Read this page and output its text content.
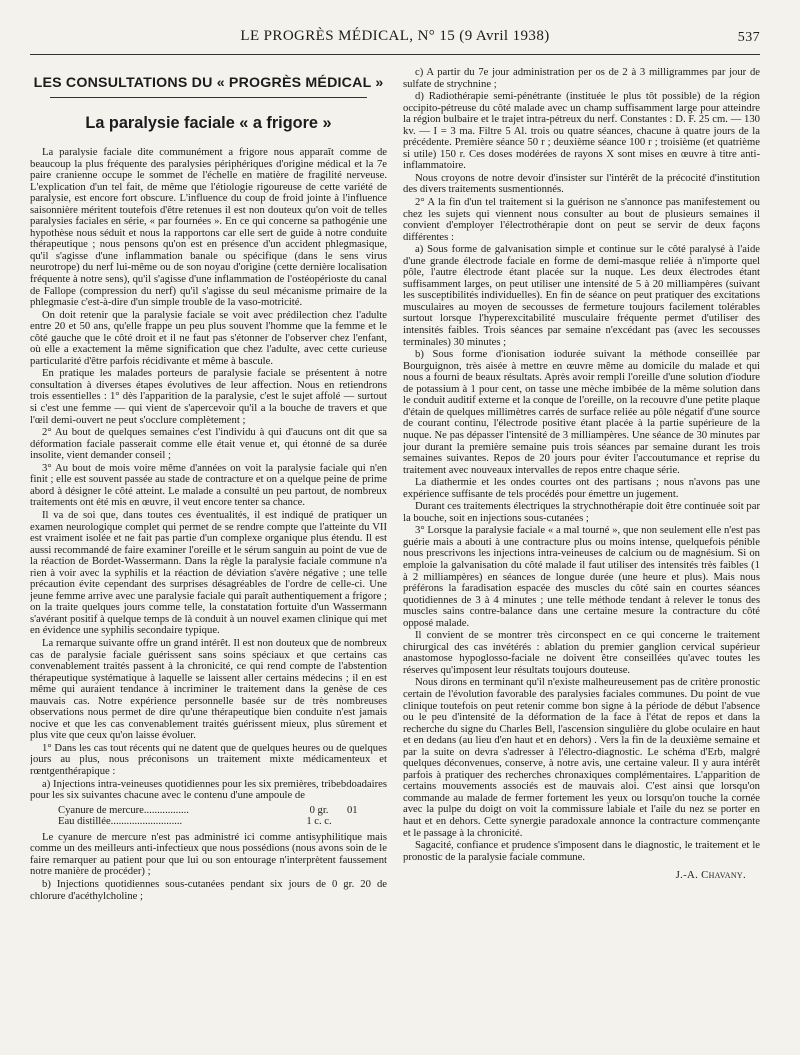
LE PROGRÈS MÉDICAL, N° 15 (9 Avril 1938)	537
LES CONSULTATIONS DU « PROGRÈS MÉDICAL »
La paralysie faciale « a frigore »

La paralysie faciale dite communément a frigore nous apparaît comme de beaucoup la plus fréquente des paralysies périphériques d'origine médical et la 7e paire cranienne occupe le sommet de l'échelle en matière de fragilité nerveuse. L'explication d'un tel fait, de même que l'étiologie rigoureuse de cette variété de paralysie, est encore fort obscure. L'influence du coup de froid jointe à l'influence saisonnière méritent toutefois d'être retenues il est non douteux qu'on voit de telles paralysies faciales en série, « par fournées ». En ce qui concerne sa pathogénie une hypothèse nous séduit et nous la rapportons car elle sert de guide à notre conduite thérapeutique ; nous pensons qu'on est en présence d'un accident phlegmasique, qu'il s'agisse d'une inflammation banale ou spécifique (dans le sens virus neurotrope) du nerf lui-même ou de son noyau d'origine (cette dernière localisation fréquente à notre sens), qu'il s'agisse d'une inflammation de l'ostéopériostе du canal de Fallope (compression du nerf) qu'il s'agisse du seul mécanisme primaire de la phlegmasie c'est-à-dire d'un simple trouble de la vaso-motricité.

On doit retenir que la paralysie faciale se voit avec prédilection chez l'adulte entre 20 et 50 ans, qu'elle frappe un peu plus souvent l'homme que la femme et le côté gauche que le côté droit et il ne faut pas s'étonner de l'observer chez l'enfant, où elle a exactement la même signification que chez l'adulte, avec cette curieuse particularité d'être parfois récidivante et même à bascule.

En pratique les malades porteurs de paralysie faciale se présentent à notre consultation à diverses étapes évolutives de leur affection. Nous en retiendrons trois essentielles : 1° dès l'apparition de la paralysie, c'est le sujet affolé — surtout si c'est une femme — qui vient de s'apercevoir qu'il a la bouche de travers et que l'œil demi-ouvert ne peut s'occlure complètement ;

2° Au bout de quelques semaines c'est l'individu à qui d'aucuns ont dit que sa déformation faciale passerait comme elle était venue et, qui étonné de sa durée insolite, vient demander conseil ;

3° Au bout de mois voire même d'années on voit la paralysie faciale qui n'en finit ; elle est souvent passée au stade de contracture et on a quelque peine de prime abord à désigner le côté atteint. Le malade a consulté un peu partout, de nombreux traitements ont été mis en œuvre, il veut encore tenter sa chance.

Il va de soi que, dans toutes ces éventualités, il est indiqué de pratiquer un examen neurologique complet qui permet de se rendre compte que l'atteinte du VII est vraiment isolée et ne fait pas partie d'un complexe organique plus étendu. Il est aussi recommandé de faire examiner l'oreille et le sérum sanguin au point de vue de la réaction de Bordet-Wassermann. Dans la règle la paralysie faciale commune n'a rien à voir avec la syphilis et la réaction de déviation s'avère négative ; une telle précaution évite cependant des surprises désagréables de l'ordre de celle-ci. Une jeune femme arrive avec une paralysie faciale qui paraît authentiquement a frigore ; on la traite quelques jours comme telle, la constatation fortuite d'un Wassermann s'avérant positif à quelque temps de là conduit à un nouvel examen clinique qui met en évidence une syphilis secondaire typique.

La remarque suivante offre un grand intérêt. Il est non douteux que de nombreux cas de paralysie faciale guérissent sans soins spéciaux et que certains cas convenablement traités passent à la chronicité, ce qui rend compte de l'abstention thérapeutique systématique à laquelle se laissent aller certains médecins ; il en est même qui auraient tendance à incriminer le traitement dans la genèse de ces mauvais cas. Notre expérience personnelle basée sur de très nombreuses observations nous permet de dire qu'une thérapeutique bien conduite n'est jamais nocive et que les cas convenablement traités guérissent mieux, plus sûrement et plus vite que ceux qu'on laisse évoluer.

1° Dans les cas tout récents qui ne datent que de quelques heures ou de quelques jours au plus, nous préconisons un traitement mixte médicamenteux et rœntgenthérapique :

a) Injections intra-veineuses quotidiennes pour les six premières, tribebdoadaires pour les six suivantes chacune avec le contenu d'une ampoule de

Cyanure de mercure.................	0 gr.	01
Eau distillée...........................	1 c. c.

Le cyanure de mercure n'est pas administré ici comme antisyphilitique mais comme un des meilleurs anti-infectieux que nous possédions (nous avons soin de le faire remarquer au patient pour que lui ou son entourage n'interprètent faussement notre manière de procéder) ;

b) Injections quotidiennes sous-cutanées pendant six jours de 0 gr. 20 de chlorure d'acéthylcholine ;

c) A partir du 7e jour administration per os de 2 à 3 milligrammes par jour de sulfate de strychnine ;

d) Radiothérapie semi-pénétrante (instituée le plus tôt possible) de la région occipito-pétreuse du côté malade avec un champ suffisamment large pour atteindre la région bulbaire et le trajet intra-pétreux du nerf. Constantes : D. F. 25 cm. — 130 kv. — I = 3 ma. Filtre 5 Al. trois ou quatre séances, chacune à quatre jours de la précédente. Première séance 50 r ; deuxième séance 100 r ; troisième (et quatrième si utile) 150 r. Ces doses modérées de rayons X sont mises en œuvre à titre anti-inflammatoire.

Nous croyons de notre devoir d'insister sur l'intérêt de la précocité d'institution des divers traitements susmentionnés.

2° A la fin d'un tel traitement si la guérison ne s'annonce pas manifestement ou chez les sujets qui viennent nous consulter au bout de plusieurs semaines il convient d'employer l'électrothérapie dont on peut se servir de deux façons différentes :

a) Sous forme de galvanisation simple et continue sur le côté paralysé à l'aide d'une grande électrode faciale en forme de demi-masque reliée à n'importe quel pôle, l'autre électrode étant placée sur la nuque. Les deux électrodes étant suffisamment larges, on peut utiliser une intensité de 5 à 20 milliampères (suivant les susceptibilités individuelles). En fin de séance on peut pratiquer des excitations musculaires au moyen de secousses de fermeture toujours facilement tolérables surtout lorsque l'hyperexcitabilité musculaire fréquente permet d'utiliser des intensités faibles. Trois séances par semaine n'excédant pas (avec les secousses terminales) 30 minutes ;

b) Sous forme d'ionisation iodurée suivant la méthode conseillée par Bourguignon, très aisée à mettre en œuvre même au domicile du malade et qui nous a fourni de beaux résultats. Après avoir rempli l'oreille d'une solution d'iodure de potassium à 1 pour cent, on tasse une mèche imbibée de la même solution dans le conduit auditif externe et la conque de l'oreille, on la recouvre d'une petite plaque d'étain de quelques millimètres carrés de surface reliée au pôle négatif d'une source de courant continu, l'électrode positive étant placée à la partie supérieure de la nuque. Ne pas dépasser l'intensité de 3 milliampères. Une séance de 30 minutes par jour durant la première semaine puis trois séances par semaine durant les trois semaines suivantes. Repos de 20 jours pour éviter l'accoutumance et reprise du traitement avec nouveaux intervalles de repos entre chaque série.

La diathermie et les ondes courtes ont des partisans ; nous n'avons pas une expérience suffisante de tels procédés pour émettre un jugement.

Durant ces traitements électriques la strychnothérapie doit être continuée soit par la bouche, soit en injections sous-cutanées ;

3° Lorsque la paralysie faciale « a mal tourné », que non seulement elle n'est pas guérie mais a abouti à une contracture plus ou moins intense, quelquefois pénible nous prescrivons les injections intra-veineuses de calcium ou de magnésium. Si on emploie la galvanisation du côté malade il faut utiliser des intensités très faibles (1 à 2 milliampères) en séances de longue durée (une heure et plus). Mais nous préférons la faradisation espacée des muscles du côté sain en courtes séances quotidiennes de 3 à 4 minutes ; une telle méthode tendant à relever le tonus des muscles sains contre-balance dans une certaine mesure la contracture du côté opposé malade.

Il convient de se montrer très circonspect en ce qui concerne le traitement chirurgical des cas invétérés : ablation du premier ganglion cervical supérieur anastomose hypoglosso-faciale ne doivent être conseillées qu'avec toutes les réserves qu'imposent leur résultats toujours douteuse.

Nous dirons en terminant qu'il n'existe malheureusement pas de critère pronostic certain de l'évolution favorable des paralysies faciales communes. Du point de vue clinique toutefois on peut retenir comme bon signe à la période de début l'absence ou le peu d'intensité de la déformation de la face à l'état de repos et dans la recherche du signe du Charles Bell, l'ascension singulière du globe oculaire en haut et en dedans (au lieu d'en haut et en dehors) . Vers la fin de la deuxième semaine et par la suite on devra s'adresser à l'électro-diagnostic. Le schéma d'Erb, malgré quelques déconvenues, conserve, à notre avis, une certaine valeur. Il y aura intérêt parfois à pratiquer des recherches chronaxiques complémentaires. L'apparition de certains mouvements associés est de mauvais aloi. C'est ainsi que lorsqu'on commande au malade de fermer fortement les yeux ou lorsqu'on touche la cornée avec la pulpe du doigt on voit la commissure labiale et l'aile du nez se porter en haut et en dehors. Cette synergie paradoxale annonce la contracture commençante et le passage à la chronicité.

Sagacité, confiance et prudence s'imposent dans le diagnostic, le traitement et le pronostic de la paralysie faciale commune.

J.-A. Chavany.
